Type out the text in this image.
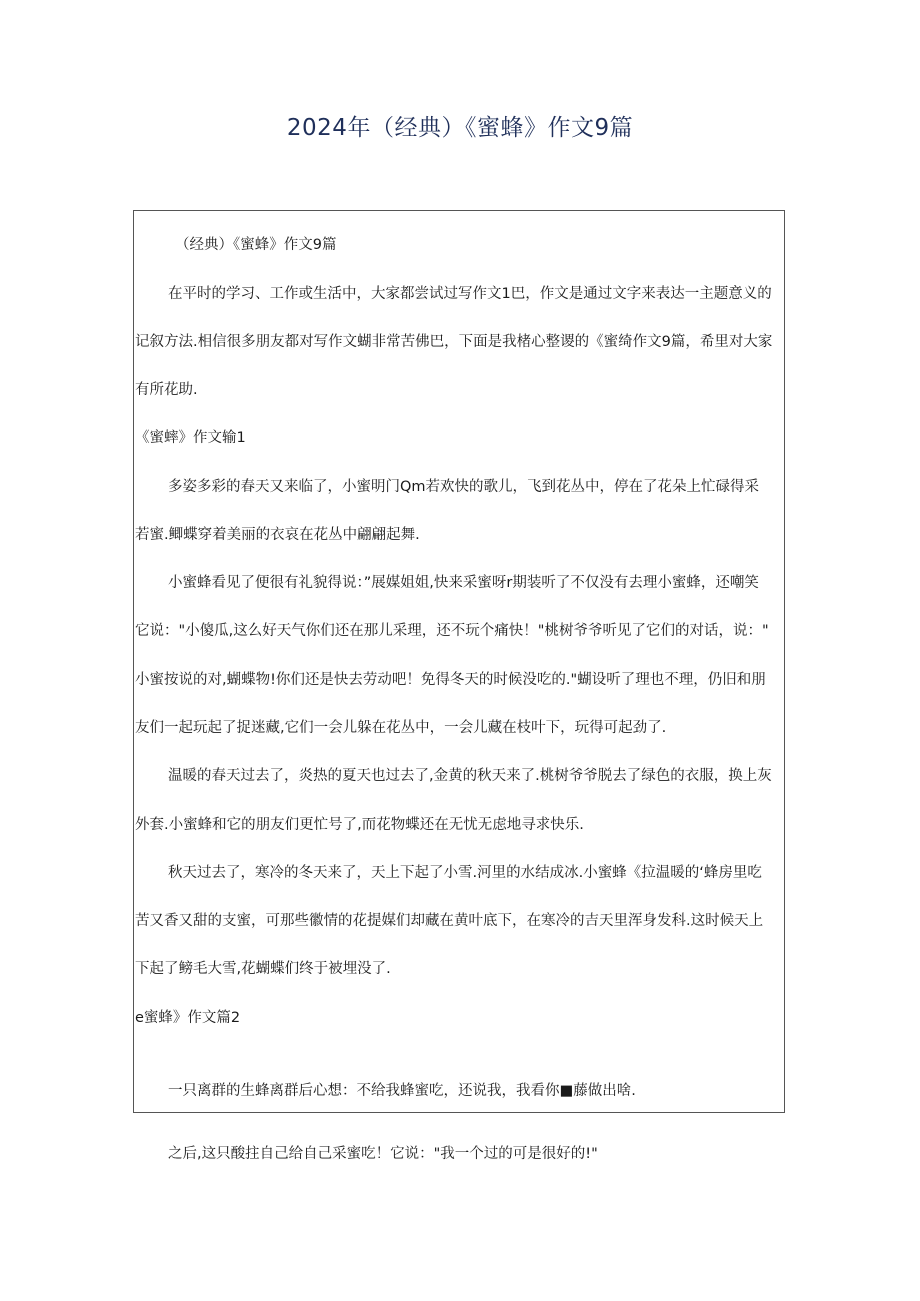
2024年（经典）《蜜蜂》作文9篇
（经典）《蜜蜂》作文9篇
在平时的学习、工作或生活中，大家都尝试过写作文1巴，作文是通过文字来表达一主题意义的
记叙方法.相信很多朋友都对写作文蝴非常苦佛巴，下面是我楮心整谡的《蜜绮作文9篇，希里对大家
有所花助.
《蜜蟀》作文输1
多姿多彩的春天又来临了，小蜜明门Qm若欢快的歌儿，飞到花丛中，停在了花朵上忙碌得采
若蜜.鲫蝶穿着美丽的衣哀在花丛中翩翩起舞.
小蜜蜂看见了便很有礼貌得说：”展媒姐姐,快来采蜜呀r期装听了不仅没有去理小蜜蜂，还嘲笑
它说："小傻瓜,这么好天气你们还在那儿采理，还不玩个痛快！"桃树爷爷听见了它们的对话，说："
小蜜按说的对,蝴蝶物!你们还是快去劳动吧！免得冬天的时候没吃的."蝴设听了理也不理，仍旧和朋
友们一起玩起了捉迷藏,它们一会儿躲在花丛中，一会儿藏在枝叶下，玩得可起劲了.
温暖的春天过去了，炎热的夏天也过去了,金黄的秋天来了.桃树爷爷脱去了绿色的衣服，换上灰
外套.小蜜蜂和它的朋友们更忙号了,而花物蝶还在无忧无虑地寻求快乐.
秋天过去了，寒冷的冬天来了，天上下起了小雪.河里的水结成冰.小蜜蜂《拉温暖的‘蜂房里吃
苦又香又甜的支蜜，可那些徽情的花提媒们却藏在黄叶底下，在寒冷的吉天里浑身发科.这时候天上
下起了鳑毛大雪,花蝴蝶们终于被埋没了.
e蜜蜂》作文篇2
一只离群的生蜂离群后心想：不给我蜂蜜吃，还说我，我看你■藤做出啥.
之后,这只酸拄自己给自己采蜜吃！它说："我一个过的可是很好的!"
